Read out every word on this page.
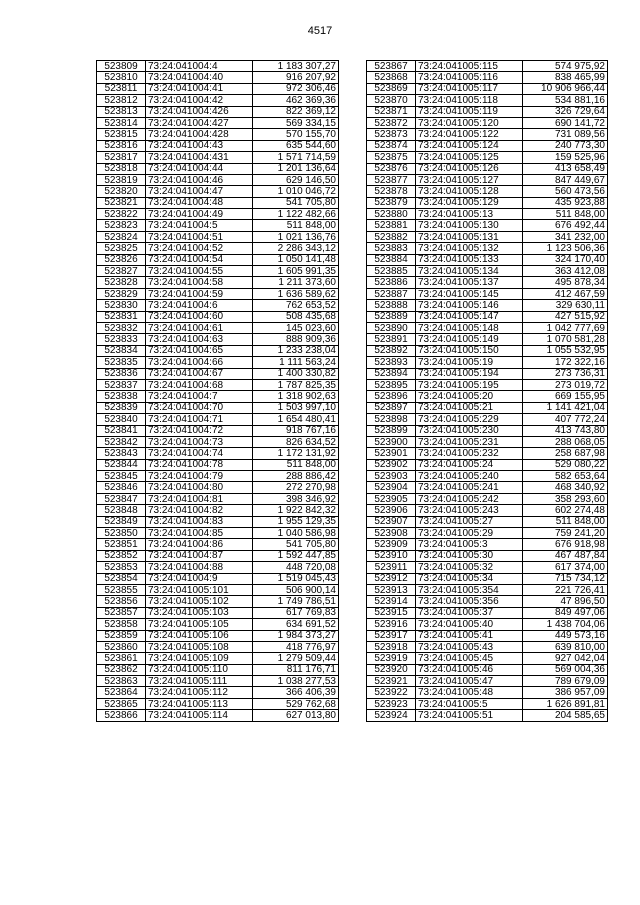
4517
523809	73:24:041004:4	1 183 307,27
523810	73:24:041004:40	916 207,92
523811	73:24:041004:41	972 306,46
523812	73:24:041004:42	462 369,36
523813	73:24:041004:426	822 369,12
523814	73:24:041004:427	569 334,15
523815	73:24:041004:428	570 155,70
523816	73:24:041004:43	635 544,60
523817	73:24:041004:431	1 571 714,59
523818	73:24:041004:44	1 201 136,64
523819	73:24:041004:46	629 146,50
523820	73:24:041004:47	1 010 046,72
523821	73:24:041004:48	541 705,80
523822	73:24:041004:49	1 122 482,66
523823	73:24:041004:5	511 848,00
523824	73:24:041004:51	1 021 136,76
523825	73:24:041004:52	2 286 343,12
523826	73:24:041004:54	1 050 141,48
523827	73:24:041004:55	1 605 991,35
523828	73:24:041004:58	1 211 373,60
523829	73:24:041004:59	1 636 589,62
523830	73:24:041004:6	762 653,52
523831	73:24:041004:60	508 435,68
523832	73:24:041004:61	145 023,60
523833	73:24:041004:63	888 909,36
523834	73:24:041004:65	1 233 238,04
523835	73:24:041004:66	1 111 563,24
523836	73:24:041004:67	1 400 330,82
523837	73:24:041004:68	1 787 825,35
523838	73:24:041004:7	1 318 902,63
523839	73:24:041004:70	1 503 997,10
523840	73:24:041004:71	1 654 480,41
523841	73:24:041004:72	918 767,16
523842	73:24:041004:73	826 634,52
523843	73:24:041004:74	1 172 131,92
523844	73:24:041004:78	511 848,00
523845	73:24:041004:79	288 886,42
523846	73:24:041004:80	272 270,98
523847	73:24:041004:81	398 346,92
523848	73:24:041004:82	1 922 842,32
523849	73:24:041004:83	1 955 129,35
523850	73:24:041004:85	1 040 586,98
523851	73:24:041004:86	541 705,80
523852	73:24:041004:87	1 592 447,85
523853	73:24:041004:88	448 720,08
523854	73:24:041004:9	1 519 045,43
523855	73:24:041005:101	506 900,14
523856	73:24:041005:102	1 749 786,51
523857	73:24:041005:103	617 769,83
523858	73:24:041005:105	634 691,52
523859	73:24:041005:106	1 984 373,27
523860	73:24:041005:108	418 776,97
523861	73:24:041005:109	1 279 509,44
523862	73:24:041005:110	811 176,71
523863	73:24:041005:111	1 038 277,53
523864	73:24:041005:112	366 406,39
523865	73:24:041005:113	529 762,68
523866	73:24:041005:114	627 013,80
523867	73:24:041005:115	574 975,92
523868	73:24:041005:116	838 465,99
523869	73:24:041005:117	10 906 966,44
523870	73:24:041005:118	534 881,16
523871	73:24:041005:119	326 729,64
523872	73:24:041005:120	690 141,72
523873	73:24:041005:122	731 089,56
523874	73:24:041005:124	240 773,30
523875	73:24:041005:125	159 525,96
523876	73:24:041005:126	413 658,49
523877	73:24:041005:127	847 449,67
523878	73:24:041005:128	560 473,56
523879	73:24:041005:129	435 923,88
523880	73:24:041005:13	511 848,00
523881	73:24:041005:130	676 492,44
523882	73:24:041005:131	341 232,00
523883	73:24:041005:132	1 123 506,36
523884	73:24:041005:133	324 170,40
523885	73:24:041005:134	363 412,08
523886	73:24:041005:137	495 878,34
523887	73:24:041005:145	412 467,59
523888	73:24:041005:146	329 630,11
523889	73:24:041005:147	427 515,92
523890	73:24:041005:148	1 042 777,69
523891	73:24:041005:149	1 070 581,28
523892	73:24:041005:150	1 055 532,95
523893	73:24:041005:19	172 322,16
523894	73:24:041005:194	273 736,31
523895	73:24:041005:195	273 019,72
523896	73:24:041005:20	669 155,95
523897	73:24:041005:21	1 141 421,04
523898	73:24:041005:229	407 772,24
523899	73:24:041005:230	413 743,80
523900	73:24:041005:231	288 068,05
523901	73:24:041005:232	258 687,98
523902	73:24:041005:24	529 080,22
523903	73:24:041005:240	582 653,64
523904	73:24:041005:241	468 340,92
523905	73:24:041005:242	358 293,60
523906	73:24:041005:243	602 274,48
523907	73:24:041005:27	511 848,00
523908	73:24:041005:29	759 241,20
523909	73:24:041005:3	676 918,98
523910	73:24:041005:30	467 487,84
523911	73:24:041005:32	617 374,00
523912	73:24:041005:34	715 734,12
523913	73:24:041005:354	221 726,41
523914	73:24:041005:356	47 896,50
523915	73:24:041005:37	849 497,06
523916	73:24:041005:40	1 438 704,06
523917	73:24:041005:41	449 573,16
523918	73:24:041005:43	639 810,00
523919	73:24:041005:45	927 042,04
523920	73:24:041005:46	569 004,36
523921	73:24:041005:47	789 679,09
523922	73:24:041005:48	386 957,09
523923	73:24:041005:5	1 626 891,81
523924	73:24:041005:51	204 585,65
